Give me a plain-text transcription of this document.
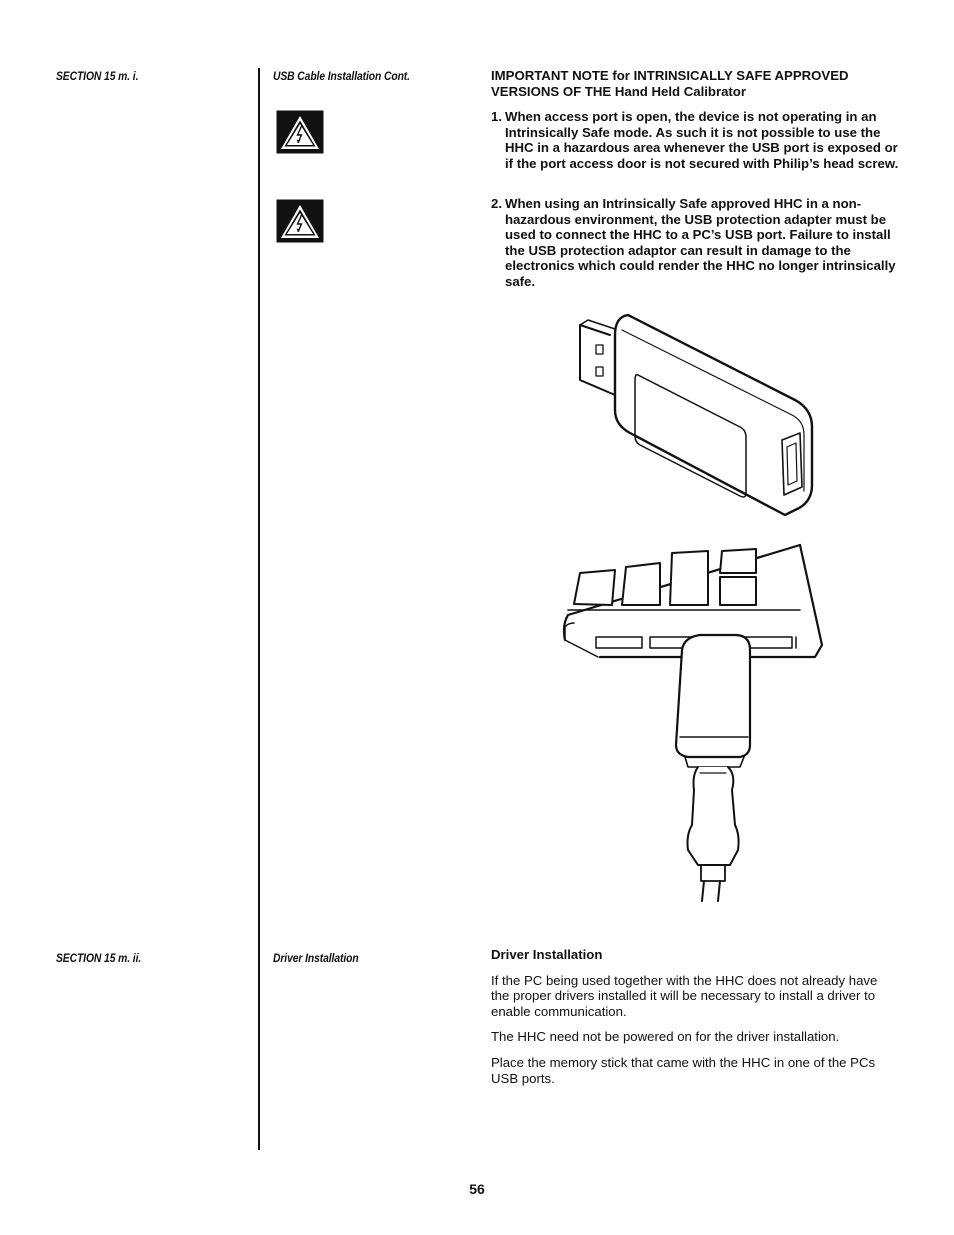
SECTION 15 m. i.	USB Cable Installation Cont.	IMPORTANT NOTE for INTRINSICALLY SAFE APPROVED
VERSIONS OF THE Hand Held Calibrator
1. When access port is open, the device is not operating in an Intrinsically Safe mode. As such it is not possible to use the HHC in a hazardous area whenever the USB port is exposed or if the port access door is not secured with Philip’s head screw.
2. When using an Intrinsically Safe approved HHC in a non-hazardous environment, the USB protection adapter must be used to connect the HHC to a PC’s USB port. Failure to install the USB protection adaptor can result in damage to the electronics which could render the HHC no longer intrinsically safe.
SECTION 15 m. ii.	Driver Installation	Driver Installation

If the PC being used together with the HHC does not already have the proper drivers installed it will be necessary to install a driver to enable communication.

The HHC need not be powered on for the driver installation.

Place the memory stick that came with the HHC in one of the PCs USB ports.

56
